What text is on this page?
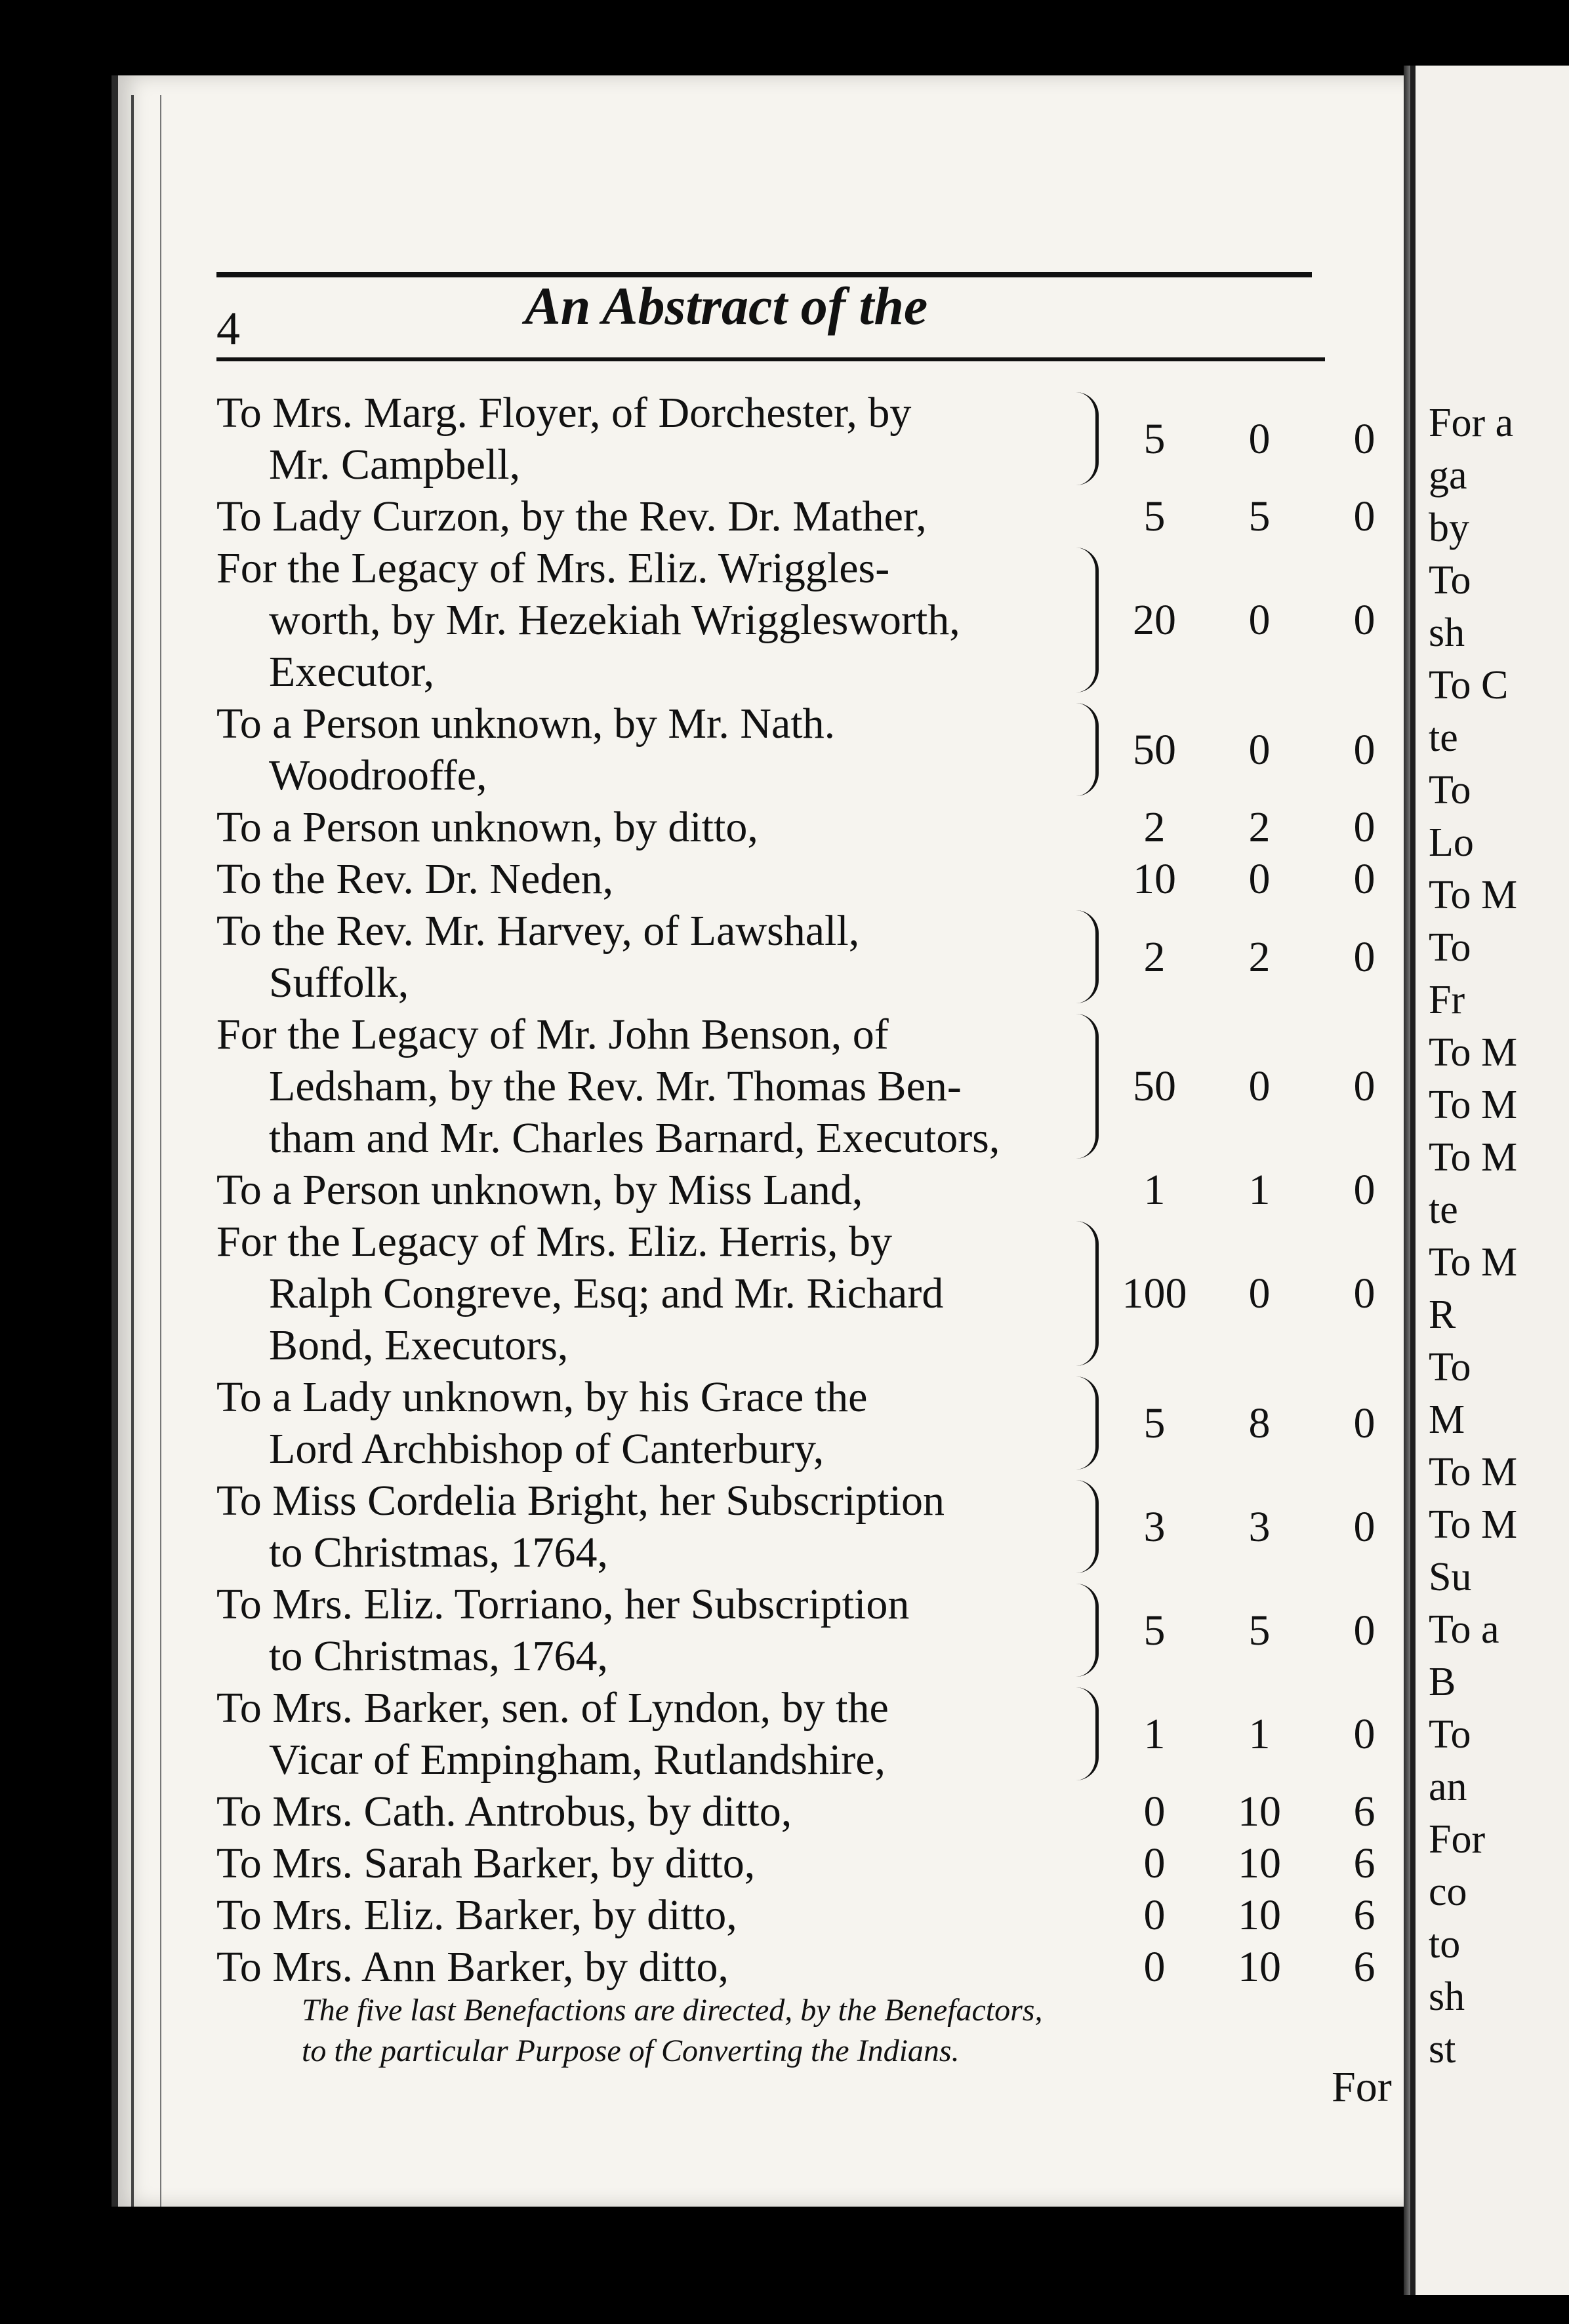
4	An Abstract of the
To Mrs. Marg. Floyer, of Dorchester, by
Mr. Campbell,
5	0	0
To Lady Curzon, by the Rev. Dr. Mather,	5	5	0
For the Legacy of Mrs. Eliz. Wriggles-
worth, by Mr. Hezekiah Wrigglesworth,
Executor,
20	0	0
To a Person unknown, by Mr. Nath.
Woodrooffe,
50	0	0
To a Person unknown, by ditto,	2	2	0
To the Rev. Dr. Neden,	10	0	0
To the Rev. Mr. Harvey, of Lawshall,
Suffolk,
2	2	0
For the Legacy of Mr. John Benson, of
Ledsham, by the Rev. Mr. Thomas Ben-
tham and Mr. Charles Barnard, Executors,
50	0	0
To a Person unknown, by Miss Land,	1	1	0
For the Legacy of Mrs. Eliz. Herris, by
Ralph Congreve, Esq; and Mr. Richard
Bond, Executors,
100	0	0
To a Lady unknown, by his Grace the
Lord Archbishop of Canterbury,
5	8	0
To Miss Cordelia Bright, her Subscription
to Christmas, 1764,
3	3	0
To Mrs. Eliz. Torriano, her Subscription
to Christmas, 1764,
5	5	0
To Mrs. Barker, sen. of Lyndon, by the
Vicar of Empingham, Rutlandshire,
1	1	0
To Mrs. Cath. Antrobus, by ditto,	0	10	6
To Mrs. Sarah Barker, by ditto,	0	10	6
To Mrs. Eliz. Barker, by ditto,	0	10	6
To Mrs. Ann Barker, by ditto,	0	10	6
The five last Benefactions are directed, by the Benefactors,
to the particular Purpose of Converting the Indians.
For
For a
ga
by
To
sh
To C
te
To
Lo
To M
To
Fr
To M
To M
To M
te
To M
R
To
M
To M
To M
Su
To a
B
To
an
For
co
to
sh
st
